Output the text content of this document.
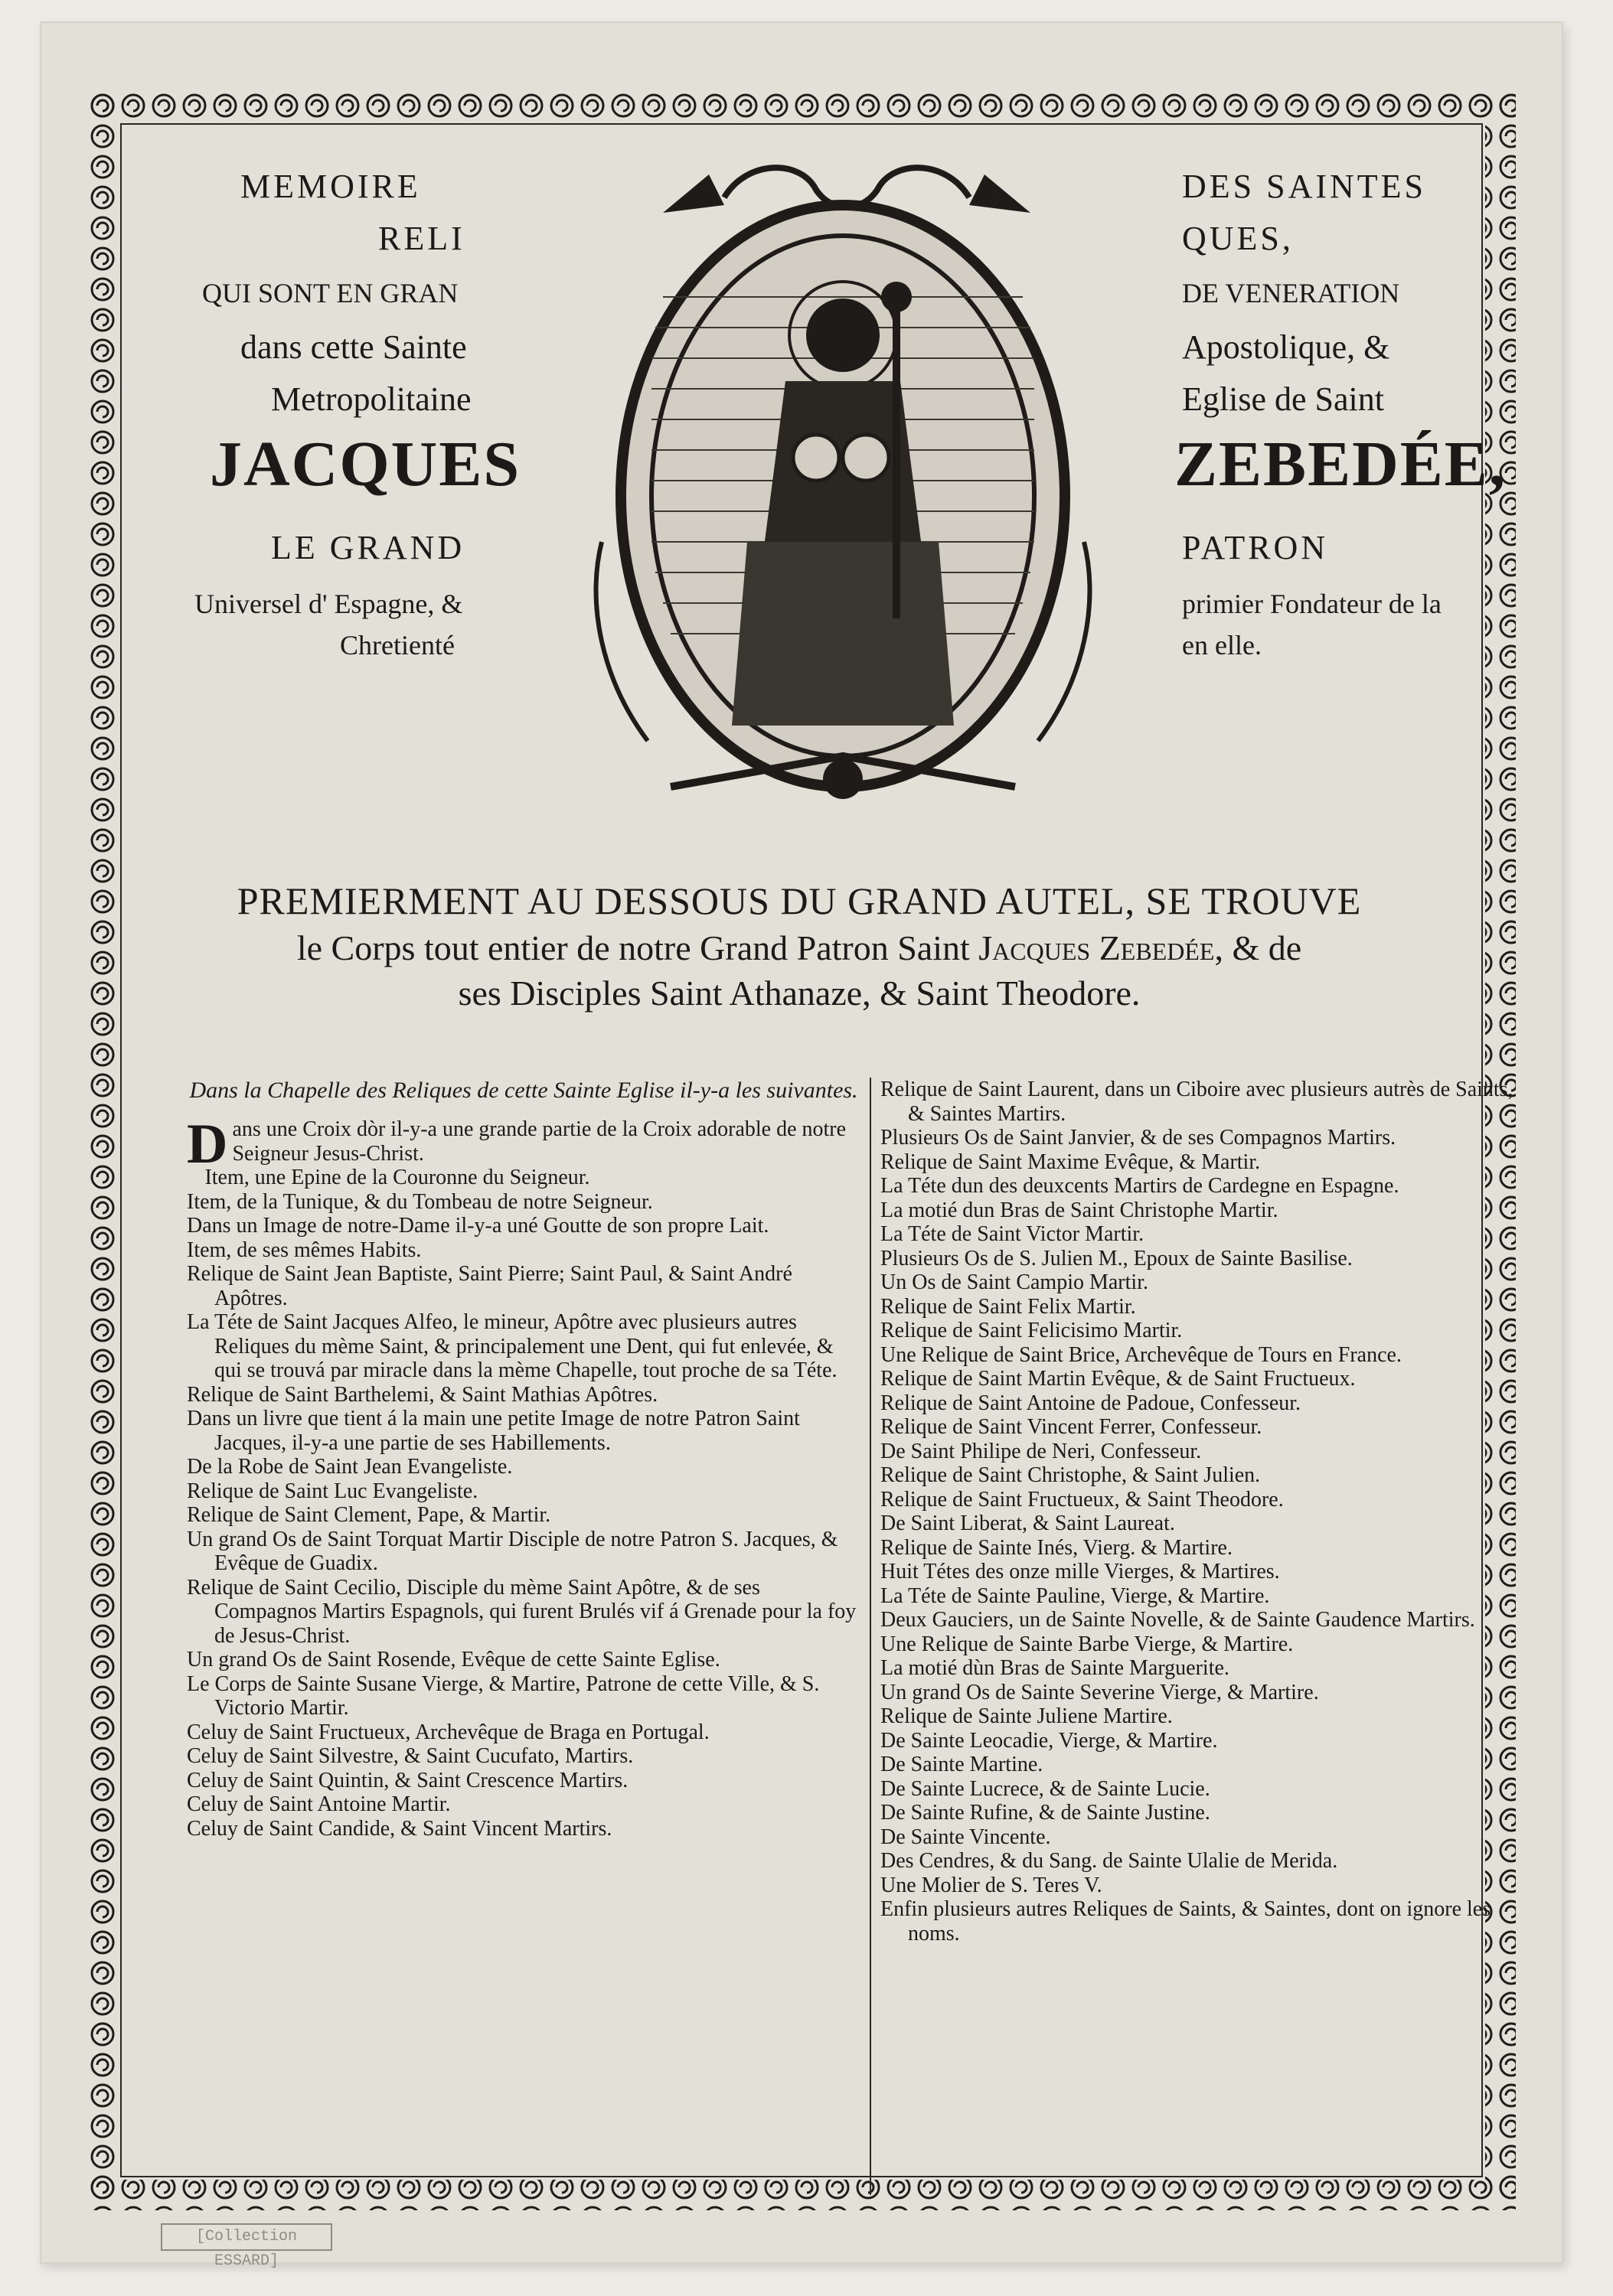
MEMOIRE
RELI
QUI SONT EN GRAN
dans cette Sainte
Metropolitaine
JACQUES
LE GRAND
Universel d' Espagne, &
Chretienté
DES SAINTES
QUES,
DE VENERATION
Apostolique, &
Eglise de Saint
ZEBEDÉE,
PATRON
primier Fondateur de la
en elle.
PREMIERMENT AU DESSOUS DU GRAND AUTEL, SE TROUVE
le Corps tout entier de notre Grand Patron Saint Jacques Zebedée, & de
ses Disciples Saint Athanaze, & Saint Theodore.
Dans la Chapelle des Reliques de cette Sainte Eglise il-y-a les suivantes.
Dans une Croix dòr il-y-a une grande partie de la Croix adorable de notre Seigneur Jesus-Christ.
Item, une Epine de la Couronne du Seigneur.
Item, de la Tunique, & du Tombeau de notre Seigneur.
Dans un Image de notre-Dame il-y-a uné Goutte de son propre Lait.
Item, de ses mêmes Habits.
Relique de Saint Jean Baptiste, Saint Pierre; Saint Paul, & Saint André Apôtres.
La Téte de Saint Jacques Alfeo, le mineur, Apôtre avec plusieurs autres Reliques du mème Saint, & principalement une Dent, qui fut enlevée, & qui se trouvá par miracle dans la mème Chapelle, tout proche de sa Téte.
Relique de Saint Barthelemi, & Saint Mathias Apôtres.
Dans un livre que tient á la main une petite Image de notre Patron Saint Jacques, il-y-a une partie de ses Habillements.
De la Robe de Saint Jean Evangeliste.
Relique de Saint Luc Evangeliste.
Relique de Saint Clement, Pape, & Martir.
Un grand Os de Saint Torquat Martir Disciple de notre Patron S. Jacques, & Evêque de Guadix.
Relique de Saint Cecilio, Disciple du mème Saint Apôtre, & de ses Compagnos Martirs Espagnols, qui furent Brulés vif á Grenade pour la foy de Jesus-Christ.
Un grand Os de Saint Rosende, Evêque de cette Sainte Eglise.
Le Corps de Sainte Susane Vierge, & Martire, Patrone de cette Ville, & S. Victorio Martir.
Celuy de Saint Fructueux, Archevêque de Braga en Portugal.
Celuy de Saint Silvestre, & Saint Cucufato, Martirs.
Celuy de Saint Quintin, & Saint Crescence Martirs.
Celuy de Saint Antoine Martir.
Celuy de Saint Candide, & Saint Vincent Martirs.
Relique de Saint Laurent, dans un Ciboire avec plusieurs autrès de Saints, & Saintes Martirs.
Plusieurs Os de Saint Janvier, & de ses Compagnos Martirs.
Relique de Saint Maxime Evêque, & Martir.
La Téte dun des deuxcents Martirs de Cardegne en Espagne.
La motié dun Bras de Saint Christophe Martir.
La Téte de Saint Victor Martir.
Plusieurs Os de S. Julien M., Epoux de Sainte Basilise.
Un Os de Saint Campio Martir.
Relique de Saint Felix Martir.
Relique de Saint Felicisimo Martir.
Une Relique de Saint Brice, Archevêque de Tours en France.
Relique de Saint Martin Evêque, & de Saint Fructueux.
Relique de Saint Antoine de Padoue, Confesseur.
Relique de Saint Vincent Ferrer, Confesseur.
De Saint Philipe de Neri, Confesseur.
Relique de Saint Christophe, & Saint Julien.
Relique de Saint Fructueux, & Saint Theodore.
De Saint Liberat, & Saint Laureat.
Relique de Sainte Inés, Vierg. & Martire.
Huit Tétes des onze mille Vierges, & Martires.
La Téte de Sainte Pauline, Vierge, & Martire.
Deux Gauciers, un de Sainte Novelle, & de Sainte Gaudence Martirs.
Une Relique de Sainte Barbe Vierge, & Martire.
La motié dùn Bras de Sainte Marguerite.
Un grand Os de Sainte Severine Vierge, & Martire.
Relique de Sainte Juliene Martire.
De Sainte Leocadie, Vierge, & Martire.
De Sainte Martine.
De Sainte Lucrece, & de Sainte Lucie.
De Sainte Rufine, & de Sainte Justine.
De Sainte Vincente.
Des Cendres, & du Sang. de Sainte Ulalie de Merida.
Une Molier de S. Teres V.
Enfin plusieurs autres Reliques de Saints, & Saintes, dont on ignore les noms.
[Collection ESSARD]
